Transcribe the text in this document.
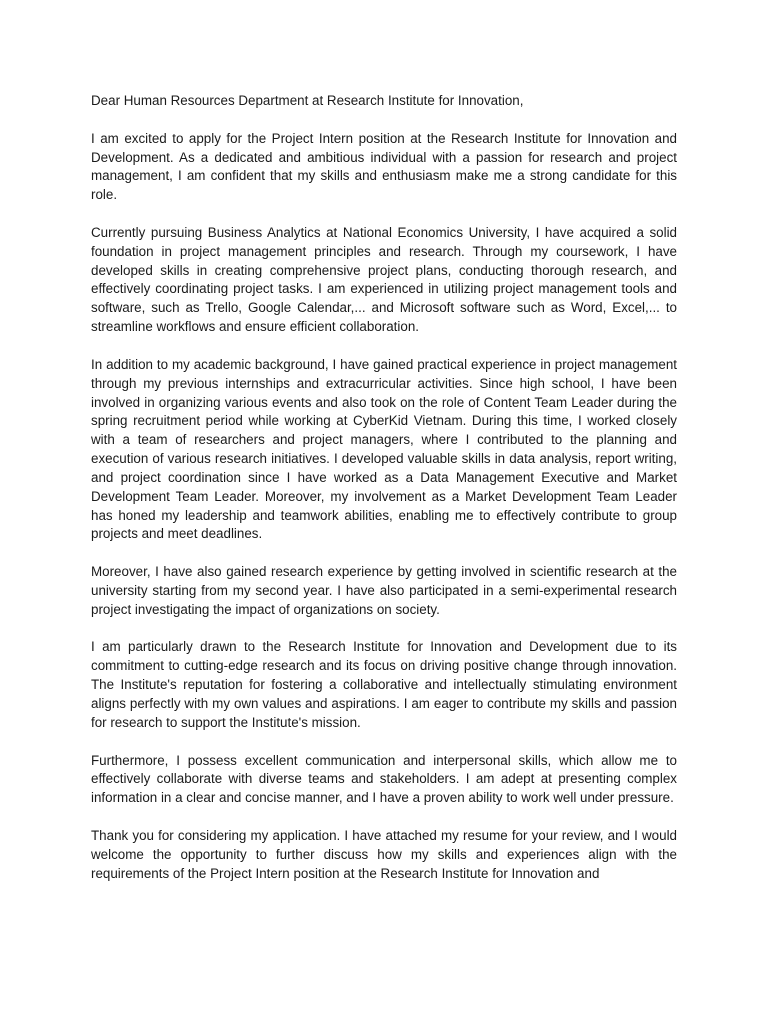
Dear Human Resources Department at Research Institute for Innovation,

I am excited to apply for the Project Intern position at the Research Institute for Innovation and Development. As a dedicated and ambitious individual with a passion for research and project management, I am confident that my skills and enthusiasm make me a strong candidate for this role.

Currently pursuing Business Analytics at National Economics University, I have acquired a solid foundation in project management principles and research. Through my coursework, I have developed skills in creating comprehensive project plans, conducting thorough research, and effectively coordinating project tasks. I am experienced in utilizing project management tools and software, such as Trello, Google Calendar,... and Microsoft software such as Word, Excel,... to streamline workflows and ensure efficient collaboration.

In addition to my academic background, I have gained practical experience in project management through my previous internships and extracurricular activities. Since high school, I have been involved in organizing various events and also took on the role of Content Team Leader during the spring recruitment period while working at CyberKid Vietnam. During this time, I worked closely with a team of researchers and project managers, where I contributed to the planning and execution of various research initiatives. I developed valuable skills in data analysis, report writing, and project coordination since I have worked as a Data Management Executive and Market Development Team Leader. Moreover, my involvement as a Market Development Team Leader has honed my leadership and teamwork abilities, enabling me to effectively contribute to group projects and meet deadlines.

Moreover, I have also gained research experience by getting involved in scientific research at the university starting from my second year. I have also participated in a semi-experimental research project investigating the impact of organizations on society.

I am particularly drawn to the Research Institute for Innovation and Development due to its commitment to cutting-edge research and its focus on driving positive change through innovation. The Institute's reputation for fostering a collaborative and intellectually stimulating environment aligns perfectly with my own values and aspirations. I am eager to contribute my skills and passion for research to support the Institute's mission.

Furthermore, I possess excellent communication and interpersonal skills, which allow me to effectively collaborate with diverse teams and stakeholders. I am adept at presenting complex information in a clear and concise manner, and I have a proven ability to work well under pressure.

Thank you for considering my application. I have attached my resume for your review, and I would welcome the opportunity to further discuss how my skills and experiences align with the requirements of the Project Intern position at the Research Institute for Innovation and
